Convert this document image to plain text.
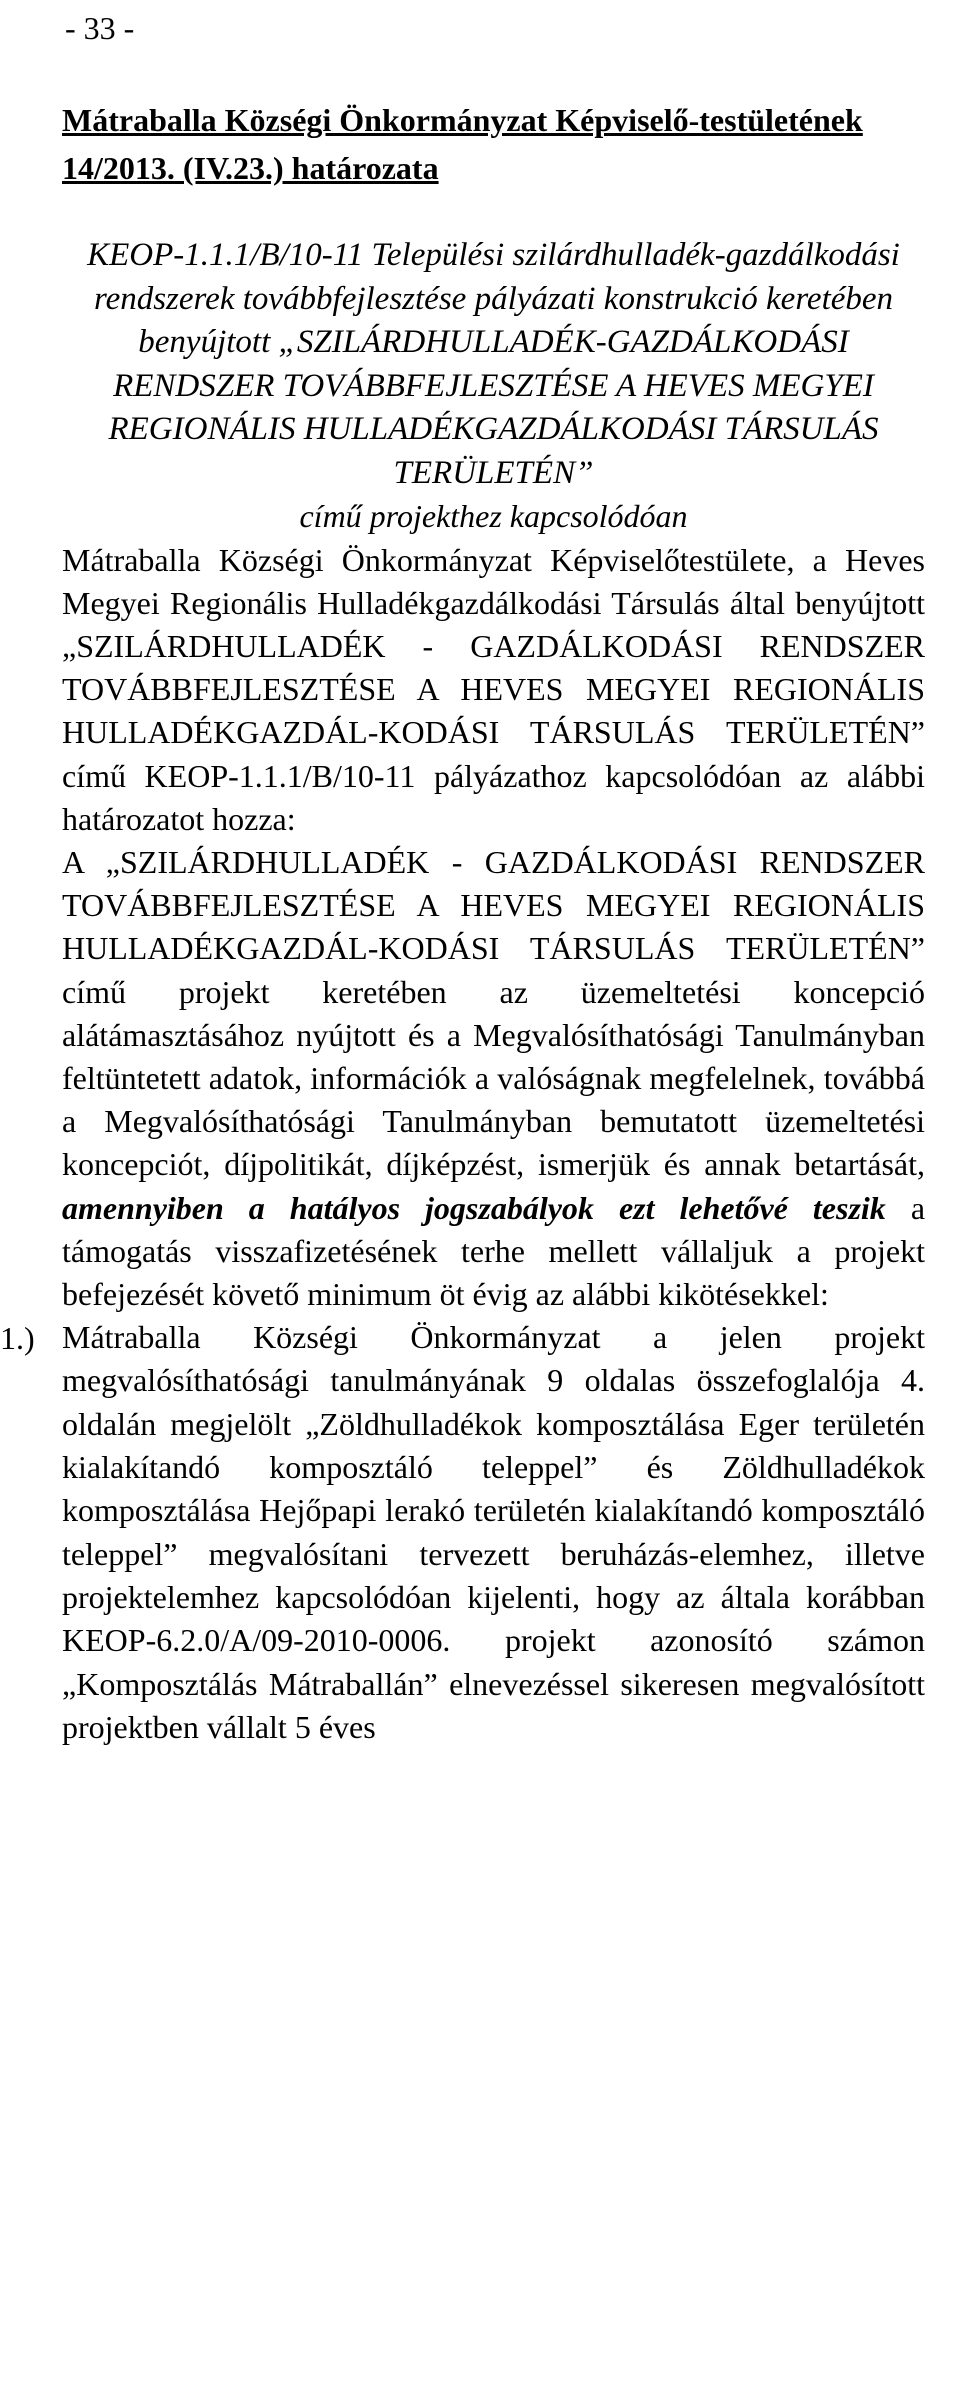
- 33 -
Mátraballa Községi Önkormányzat Képviselő-testületének 14/2013. (IV.23.) határozata
KEOP-1.1.1/B/10-11 Települési szilárdhulladék-gazdálkodási rendszerek továbbfejlesztése pályázati konstrukció keretében benyújtott „SZILÁRDHULLADÉK-GAZDÁLKODÁSI RENDSZER TOVÁBBFEJLESZTÉSE A HEVES MEGYEI REGIONÁLIS HULLADÉKGAZDÁLKODÁSI TÁRSULÁS TERÜLETÉN”
című projekthez kapcsolódóan
Mátraballa Községi Önkormányzat Képviselőtestülete, a Heves Megyei Regionális Hulladékgazdálkodási Társulás által benyújtott „SZILÁRDHULLADÉK - GAZDÁLKODÁSI RENDSZER TOVÁBBFEJLESZTÉSE A HEVES MEGYEI REGIONÁLIS HULLADÉKGAZDÁL-KODÁSI TÁRSULÁS TERÜLETÉN” című KEOP-1.1.1/B/10-11 pályázathoz kapcsolódóan az alábbi határozatot hozza:
A „SZILÁRDHULLADÉK - GAZDÁLKODÁSI RENDSZER TOVÁBBFEJLESZTÉSE A HEVES MEGYEI REGIONÁLIS HULLADÉKGAZDÁL-KODÁSI TÁRSULÁS TERÜLETÉN” című projekt keretében az üzemeltetési koncepció alátámasztásához nyújtott és a Megvalósíthatósági Tanulmányban feltüntetett adatok, információk a valóságnak megfelelnek, továbbá a Megvalósíthatósági Tanulmányban bemutatott üzemeltetési koncepciót, díjpolitikát, díjképzést, ismerjük és annak betartását, amennyiben a hatályos jogszabályok ezt lehetővé teszik a támogatás visszafizetésének terhe mellett vállaljuk a projekt befejezését követő minimum öt évig az alábbi kikötésekkel:
1.) Mátraballa Községi Önkormányzat a jelen projekt megvalósíthatósági tanulmányának 9 oldalas összefoglalója 4. oldalán megjelölt „Zöldhulladékok komposztálása Eger területén kialakítandó komposztáló teleppel” és Zöldhulladékok komposztálása Hejőpapi lerakó területén kialakítandó komposztáló teleppel” megvalósítani tervezett beruházás-elemhez, illetve projektelemhez kapcsolódóan kijelenti, hogy az általa korábban KEOP-6.2.0/A/09-2010-0006. projekt azonosító számon „Komposztálás Mátraballán” elnevezéssel sikeresen megvalósított projektben vállalt 5 éves
